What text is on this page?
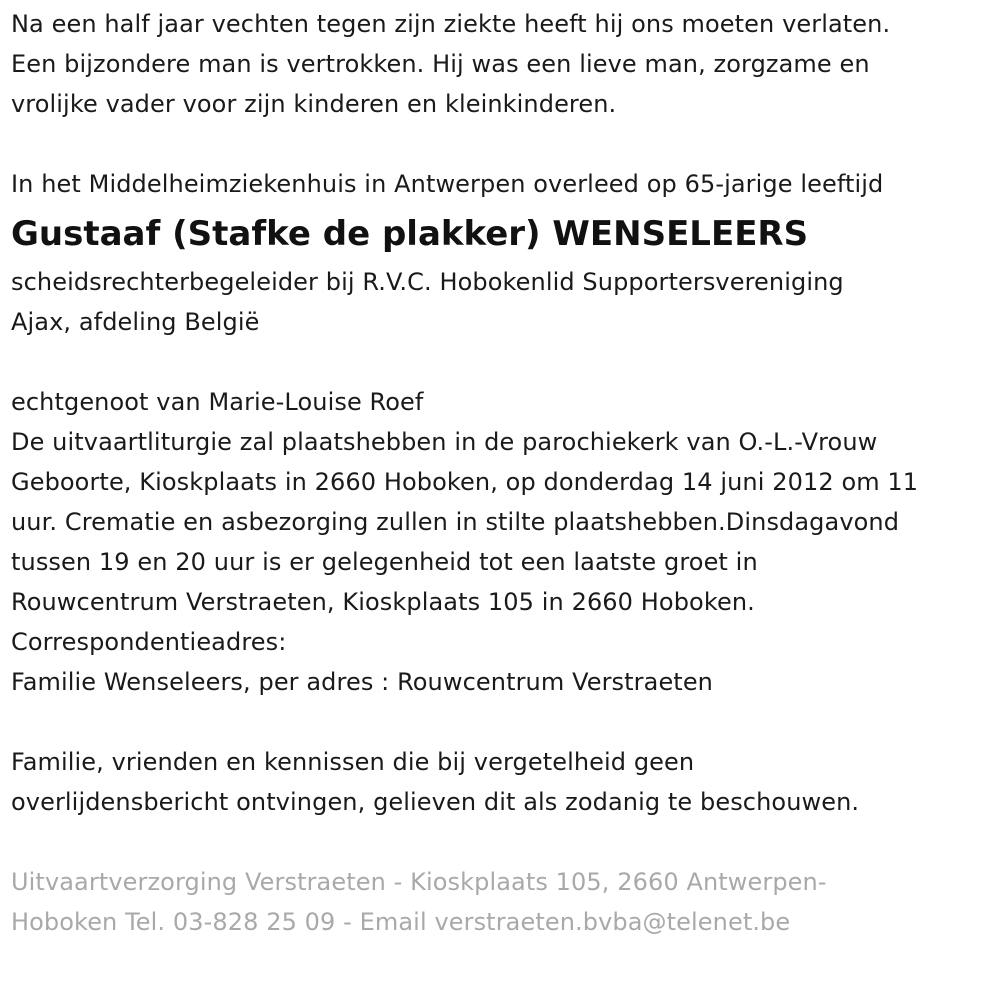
Na een half jaar vechten tegen zijn ziekte heeft hij ons moeten verlaten.
Een bijzondere man is vertrokken. Hij was een lieve man, zorgzame en
vrolijke vader voor zijn kinderen en kleinkinderen.
In het Middelheimziekenhuis in Antwerpen overleed op 65-jarige leeftijd
Gustaaf (Stafke de plakker) WENSELEERS
scheidsrechterbegeleider bij R.V.C. Hobokenlid Supportersvereniging
Ajax, afdeling België
echtgenoot van Marie-Louise Roef
De uitvaartliturgie zal plaatshebben in de parochiekerk van O.-L.-Vrouw
Geboorte, Kioskplaats in 2660 Hoboken, op donderdag 14 juni 2012 om 11
uur. Crematie en asbezorging zullen in stilte plaatshebben.Dinsdagavond
tussen 19 en 20 uur is er gelegenheid tot een laatste groet in
Rouwcentrum Verstraeten, Kioskplaats 105 in 2660 Hoboken.
Correspondentieadres:
Familie Wenseleers, per adres : Rouwcentrum Verstraeten
Familie, vrienden en kennissen die bij vergetelheid geen
overlijdensbericht ontvingen, gelieven dit als zodanig te beschouwen.
Uitvaartverzorging Verstraeten - Kioskplaats 105, 2660 Antwerpen-
Hoboken Tel. 03-828 25 09 - Email verstraeten.bvba@telenet.be
